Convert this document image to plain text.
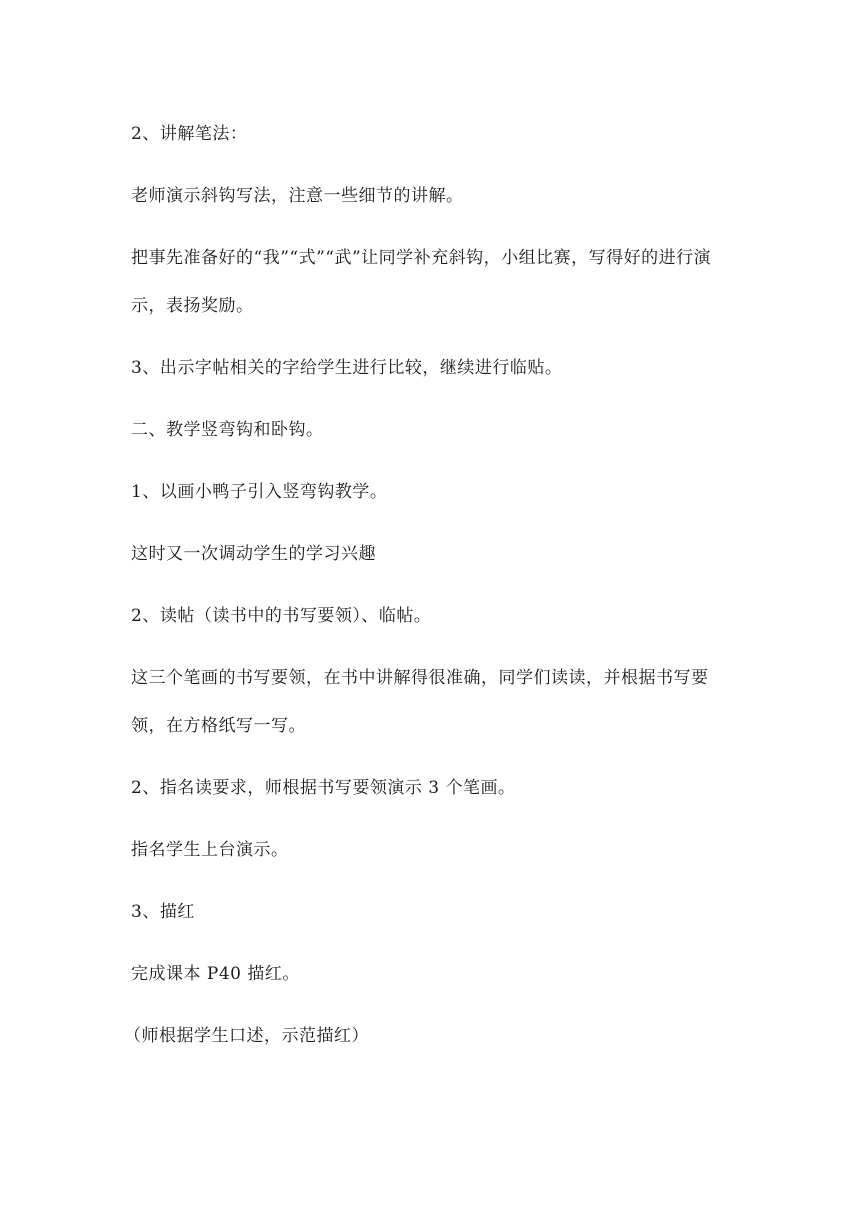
2、讲解笔法：

老师演示斜钩写法，注意一些细节的讲解。

把事先准备好的“我”“式”“武”让同学补充斜钩，小组比赛，写得好的进行演示，表扬奖励。

3、出示字帖相关的字给学生进行比较，继续进行临贴。

二、教学竖弯钩和卧钩。

1、以画小鸭子引入竖弯钩教学。

这时又一次调动学生的学习兴趣

2、读帖（读书中的书写要领）、临帖。

这三个笔画的书写要领，在书中讲解得很准确，同学们读读，并根据书写要领，在方格纸写一写。

2、指名读要求，师根据书写要领演示 3 个笔画。

指名学生上台演示。

3、描红

完成课本 P40 描红。

（师根据学生口述，示范描红）
